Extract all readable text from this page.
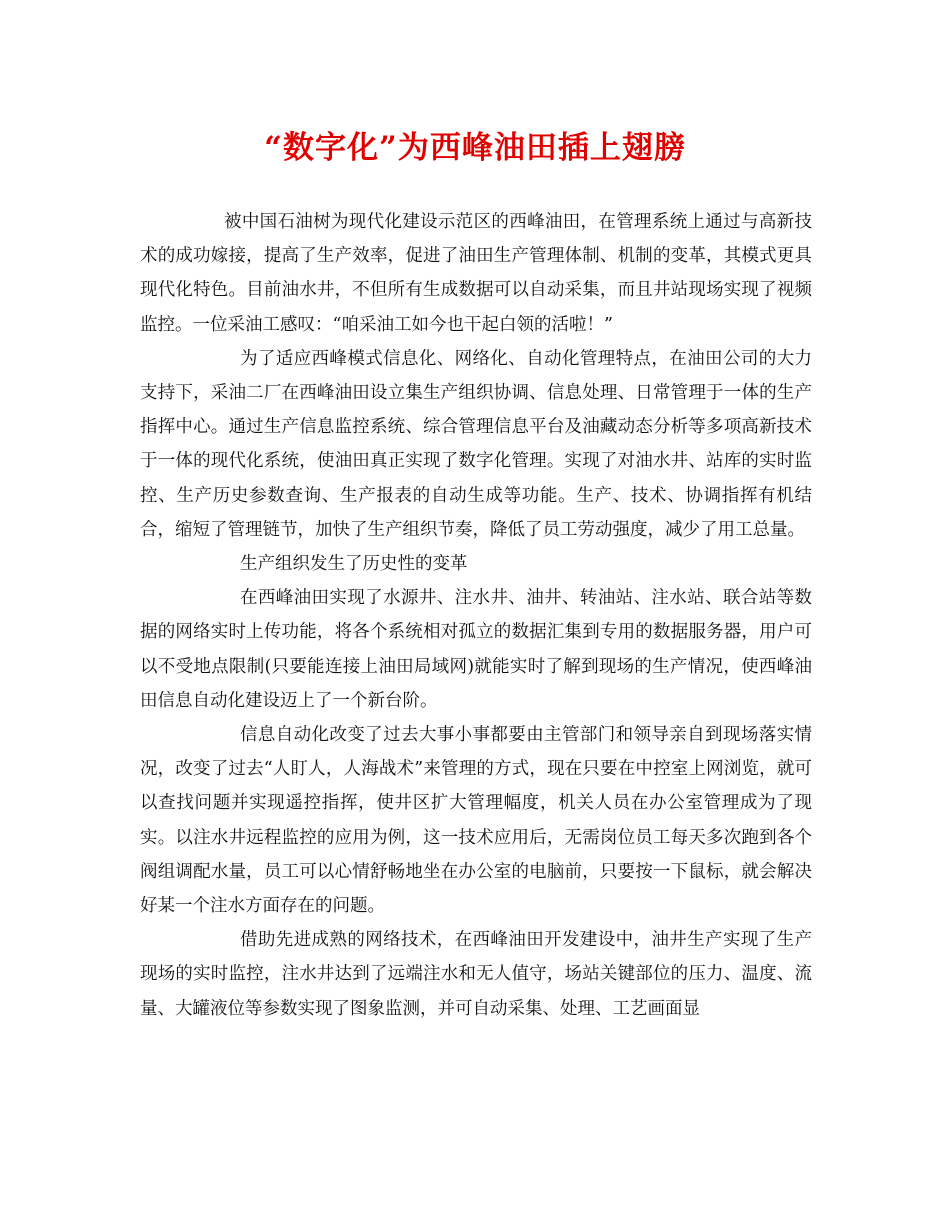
“数字化”为西峰油田插上翅膀

被中国石油树为现代化建设示范区的西峰油田，在管理系统上通过与高新技术的成功嫁接，提高了生产效率，促进了油田生产管理体制、机制的变革，其模式更具现代化特色。目前油水井，不但所有生成数据可以自动采集，而且井站现场实现了视频监控。一位采油工感叹：“咱采油工如今也干起白领的活啦！”

为了适应西峰模式信息化、网络化、自动化管理特点，在油田公司的大力支持下，采油二厂在西峰油田设立集生产组织协调、信息处理、日常管理于一体的生产指挥中心。通过生产信息监控系统、综合管理信息平台及油藏动态分析等多项高新技术于一体的现代化系统，使油田真正实现了数字化管理。实现了对油水井、站库的实时监控、生产历史参数查询、生产报表的自动生成等功能。生产、技术、协调指挥有机结合，缩短了管理链节，加快了生产组织节奏，降低了员工劳动强度，减少了用工总量。

生产组织发生了历史性的变革

在西峰油田实现了水源井、注水井、油井、转油站、注水站、联合站等数据的网络实时上传功能，将各个系统相对孤立的数据汇集到专用的数据服务器，用户可以不受地点限制(只要能连接上油田局域网)就能实时了解到现场的生产情况，使西峰油田信息自动化建设迈上了一个新台阶。

信息自动化改变了过去大事小事都要由主管部门和领导亲自到现场落实情况，改变了过去“人盯人，人海战术”来管理的方式，现在只要在中控室上网浏览，就可以查找问题并实现遥控指挥，使井区扩大管理幅度，机关人员在办公室管理成为了现实。以注水井远程监控的应用为例，这一技术应用后，无需岗位员工每天多次跑到各个阀组调配水量，员工可以心情舒畅地坐在办公室的电脑前，只要按一下鼠标，就会解决好某一个注水方面存在的问题。

借助先进成熟的网络技术，在西峰油田开发建设中，油井生产实现了生产现场的实时监控，注水井达到了远端注水和无人值守，场站关键部位的压力、温度、流量、大罐液位等参数实现了图象监测，并可自动采集、处理、工艺画面显
